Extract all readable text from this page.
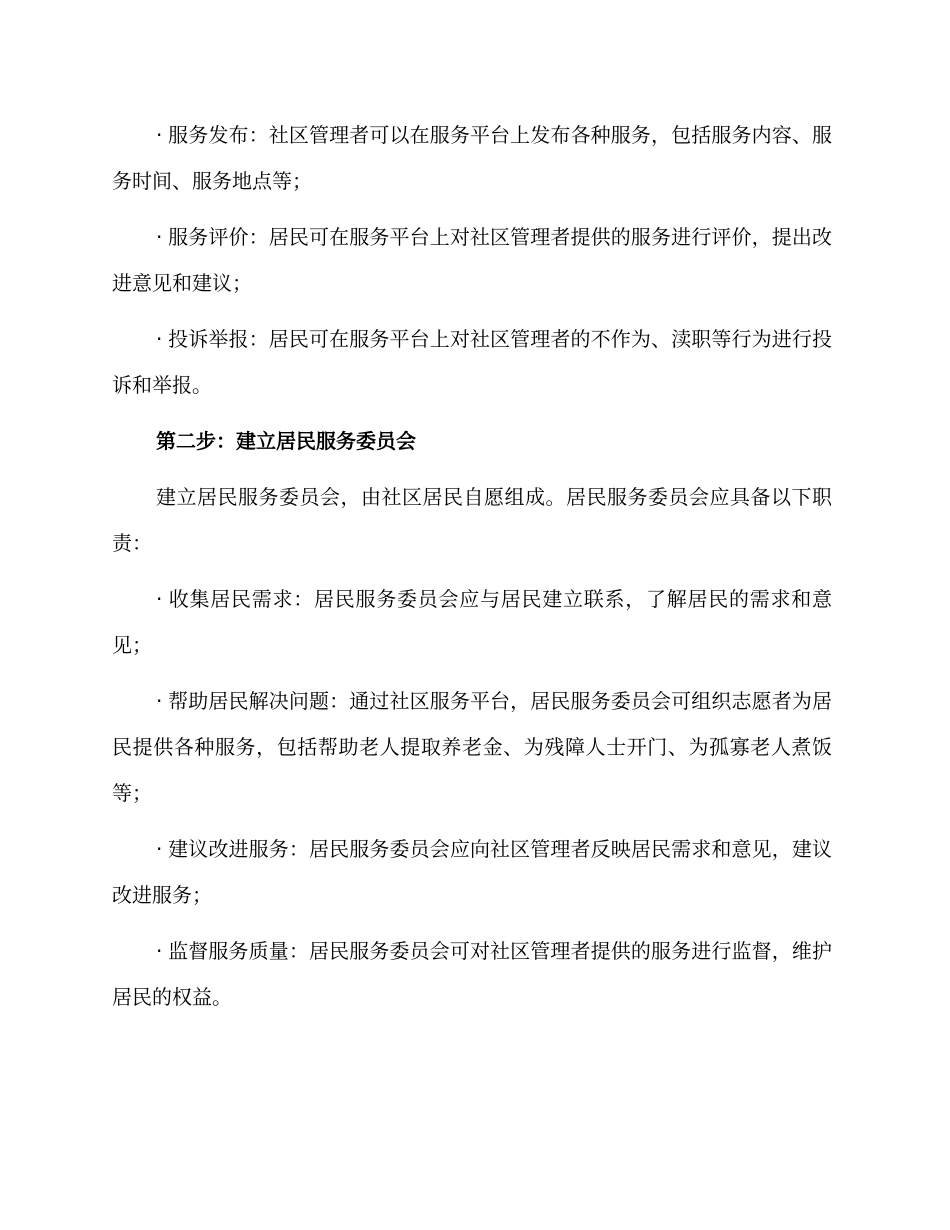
· 服务发布：社区管理者可以在服务平台上发布各种服务，包括服务内容、服务时间、服务地点等；

· 服务评价：居民可在服务平台上对社区管理者提供的服务进行评价，提出改进意见和建议；

· 投诉举报：居民可在服务平台上对社区管理者的不作为、渎职等行为进行投诉和举报。

第二步：建立居民服务委员会

建立居民服务委员会，由社区居民自愿组成。居民服务委员会应具备以下职责：

· 收集居民需求：居民服务委员会应与居民建立联系，了解居民的需求和意见；

· 帮助居民解决问题：通过社区服务平台，居民服务委员会可组织志愿者为居民提供各种服务，包括帮助老人提取养老金、为残障人士开门、为孤寡老人煮饭等；

· 建议改进服务：居民服务委员会应向社区管理者反映居民需求和意见，建议改进服务；

· 监督服务质量：居民服务委员会可对社区管理者提供的服务进行监督，维护居民的权益。
